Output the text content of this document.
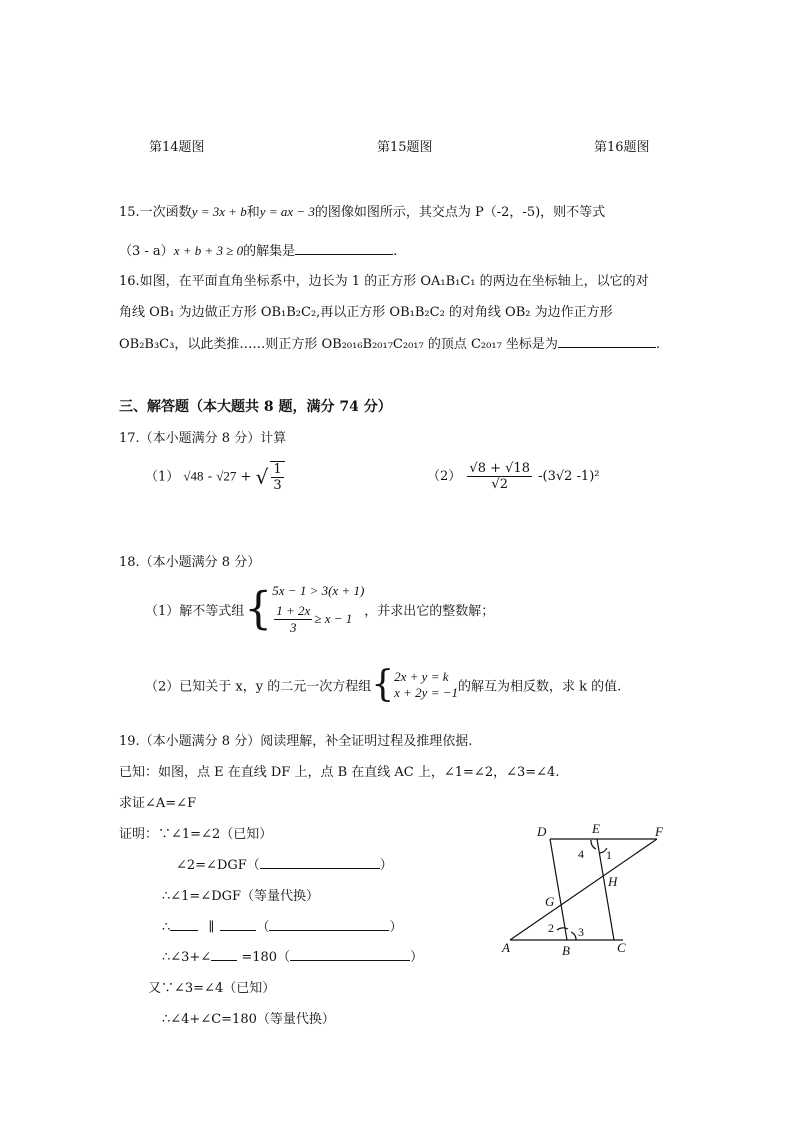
第14题图	第15题图	第16题图
15.一次函数y = 3x + b和y = ax − 3的图像如图所示，其交点为 P（-2，-5)，则不等式
（3 - a）x + b + 3 ≥ 0的解集是	.
16.如图，在平面直角坐标系中，边长为 1 的正方形 OA₁B₁C₁ 的两边在坐标轴上，以它的对
角线 OB₁ 为边做正方形 OB₁B₂C₂,再以正方形 OB₁B₂C₂ 的对角线 OB₂ 为边作正方形
OB₂B₃C₃，以此类推……则正方形 OB₂₀₁₆B₂₀₁₇C₂₀₁₇ 的顶点 C₂₀₁₇ 坐标是为	.
三、解答题（本大题共 8 题，满分 74 分）
17.（本小题满分 8 分）计算
（1） √48 - √27 + √ $\frac{1}{3}$	$(2) \frac{√8 + √18}{√2} -(3√2$ -1)²
18.（本小题满分 8 分）
（1）解不等式组{ 5x − 1 > 3(x + 1)
$\frac{1 + 2x}{3} \ge x - 1$ ，并求出它的整数解；
（2）已知关于 x，y 的二元一次方程组{ 2x + y = k
x + 2y = −1 的解互为相反数，求 k 的值.
19.（本小题满分 8 分）阅读理解，补全证明过程及推理依据.
已知：如图，点 E 在直线 DF 上，点 B 在直线 AC 上，∠1=∠2，∠3=∠4.
求证∠A=∠F
证明：∵∠1=∠2（已知）
∠2=∠DGF（	）
∴∠1=∠DGF（等量代换）
∴	∥	（	）
∴∠3+∠ =180（	）
又∵∠3=∠4（已知）
∴∠4+∠C=180（等量代换）
D	E	F
H
G
A	B	C
1
2 3
4
